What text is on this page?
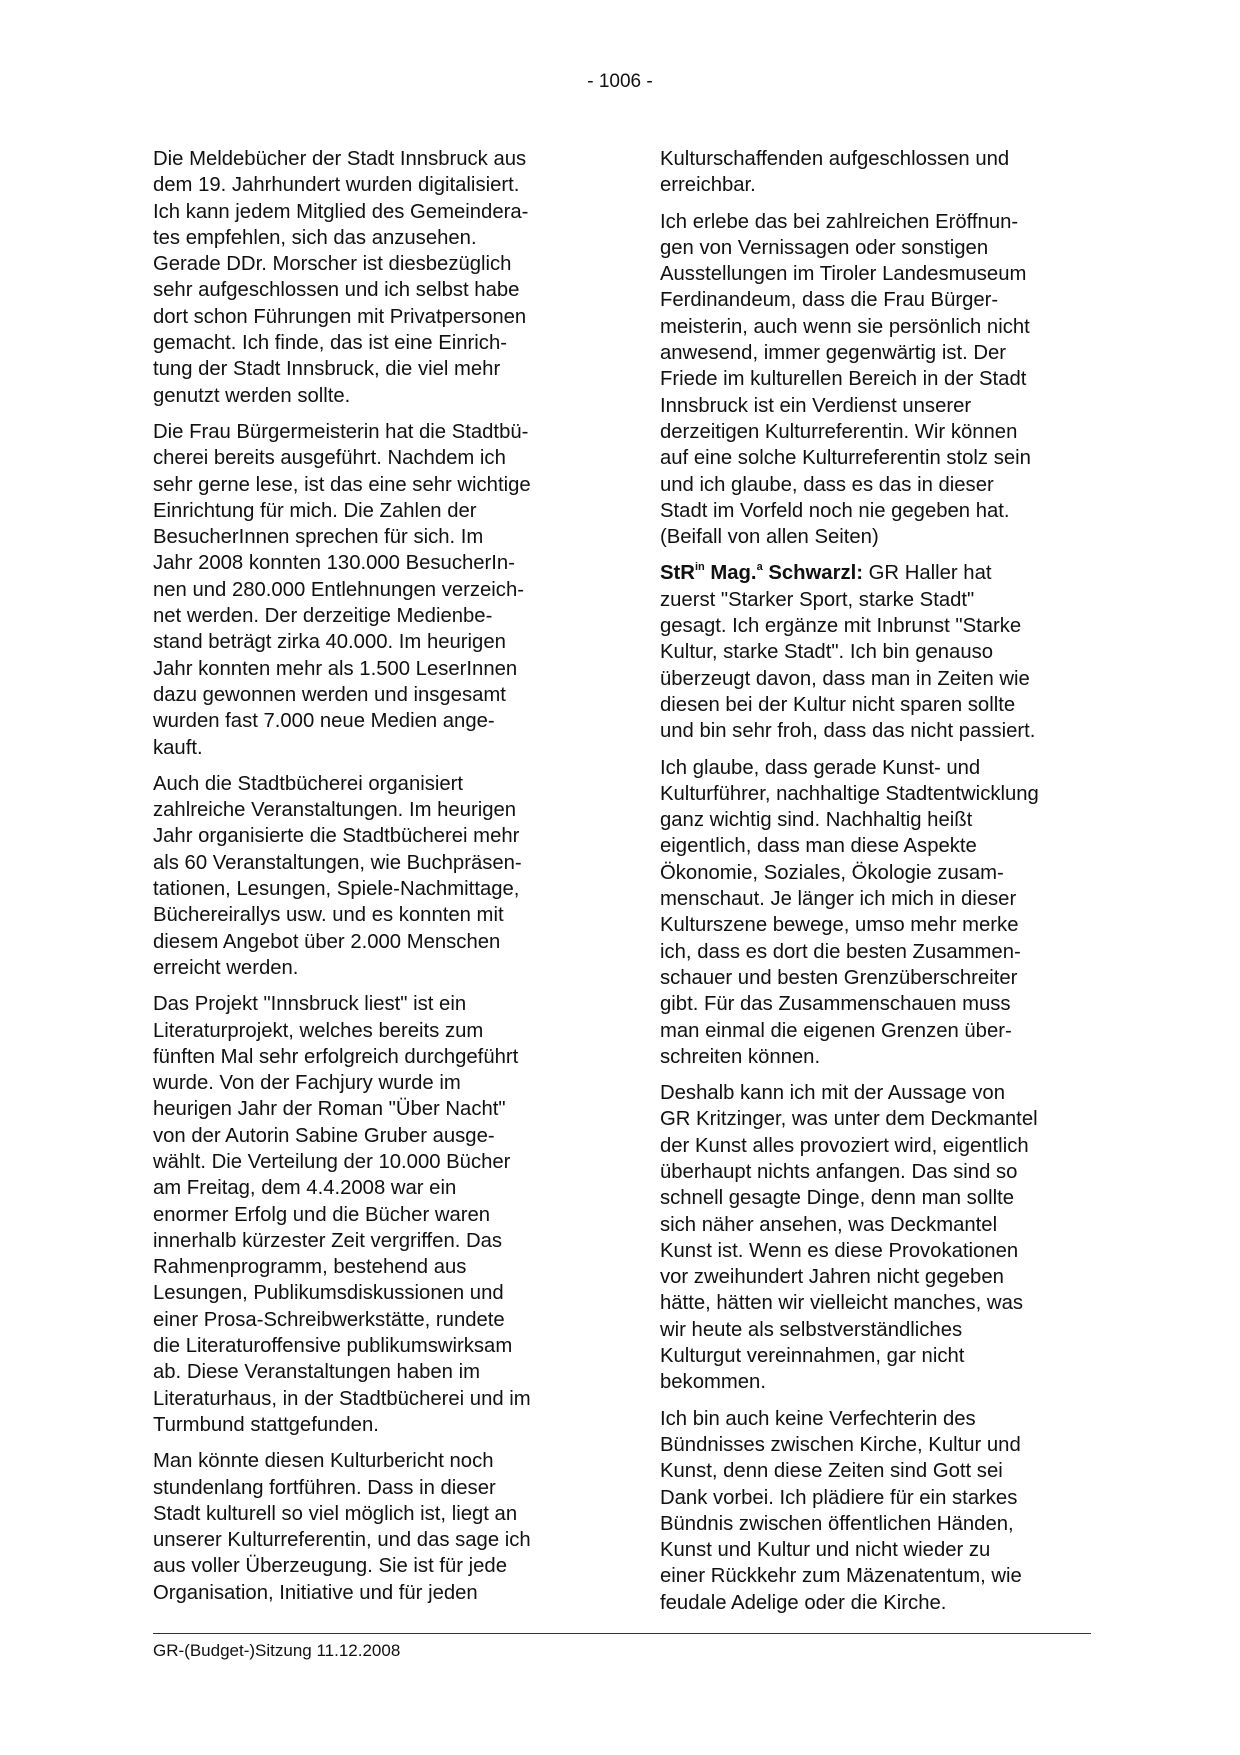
- 1006 -

Die Meldebücher der Stadt Innsbruck aus
dem 19. Jahrhundert wurden digitalisiert.
Ich kann jedem Mitglied des Gemeindera-
tes empfehlen, sich das anzusehen.
Gerade DDr. Morscher ist diesbezüglich
sehr aufgeschlossen und ich selbst habe
dort schon Führungen mit Privatpersonen
gemacht. Ich finde, das ist eine Einrich-
tung der Stadt Innsbruck, die viel mehr
genutzt werden sollte.

Die Frau Bürgermeisterin hat die Stadtbü-
cherei bereits ausgeführt. Nachdem ich
sehr gerne lese, ist das eine sehr wichtige
Einrichtung für mich. Die Zahlen der
BesucherInnen sprechen für sich. Im
Jahr 2008 konnten 130.000 BesucherIn-
nen und 280.000 Entlehnungen verzeich-
net werden. Der derzeitige Medienbe-
stand beträgt zirka 40.000. Im heurigen
Jahr konnten mehr als 1.500 LeserInnen
dazu gewonnen werden und insgesamt
wurden fast 7.000 neue Medien ange-
kauft.

Auch die Stadtbücherei organisiert
zahlreiche Veranstaltungen. Im heurigen
Jahr organisierte die Stadtbücherei mehr
als 60 Veranstaltungen, wie Buchpräsen-
tationen, Lesungen, Spiele-Nachmittage,
Büchereirallys usw. und es konnten mit
diesem Angebot über 2.000 Menschen
erreicht werden.

Das Projekt "Innsbruck liest" ist ein
Literaturprojekt, welches bereits zum
fünften Mal sehr erfolgreich durchgeführt
wurde. Von der Fachjury wurde im
heurigen Jahr der Roman "Über Nacht"
von der Autorin Sabine Gruber ausge-
wählt. Die Verteilung der 10.000 Bücher
am Freitag, dem 4.4.2008 war ein
enormer Erfolg und die Bücher waren
innerhalb kürzester Zeit vergriffen. Das
Rahmenprogramm, bestehend aus
Lesungen, Publikumsdiskussionen und
einer Prosa-Schreibwerkstätte, rundete
die Literaturoffensive publikumswirksam
ab. Diese Veranstaltungen haben im
Literaturhaus, in der Stadtbücherei und im
Turmbund stattgefunden.

Man könnte diesen Kulturbericht noch
stundenlang fortführen. Dass in dieser
Stadt kulturell so viel möglich ist, liegt an
unserer Kulturreferentin, und das sage ich
aus voller Überzeugung. Sie ist für jede
Organisation, Initiative und für jeden

Kulturschaffenden aufgeschlossen und
erreichbar.

Ich erlebe das bei zahlreichen Eröffnun-
gen von Vernissagen oder sonstigen
Ausstellungen im Tiroler Landesmuseum
Ferdinandeum, dass die Frau Bürger-
meisterin, auch wenn sie persönlich nicht
anwesend, immer gegenwärtig ist. Der
Friede im kulturellen Bereich in der Stadt
Innsbruck ist ein Verdienst unserer
derzeitigen Kulturreferentin. Wir können
auf eine solche Kulturreferentin stolz sein
und ich glaube, dass es das in dieser
Stadt im Vorfeld noch nie gegeben hat.
(Beifall von allen Seiten)

StR$^{in}$ Mag.$^a$ Schwarzl: GR Haller hat
zuerst "Starker Sport, starke Stadt"
gesagt. Ich ergänze mit Inbrunst "Starke
Kultur, starke Stadt". Ich bin genauso
überzeugt davon, dass man in Zeiten wie
diesen bei der Kultur nicht sparen sollte
und bin sehr froh, dass das nicht passiert.

Ich glaube, dass gerade Kunst- und
Kulturführer, nachhaltige Stadtentwicklung
ganz wichtig sind. Nachhaltig heißt
eigentlich, dass man diese Aspekte
Ökonomie, Soziales, Ökologie zusam-
menschaut. Je länger ich mich in dieser
Kulturszene bewege, umso mehr merke
ich, dass es dort die besten Zusammen-
schauer und besten Grenzüberschreiter
gibt. Für das Zusammenschauen muss
man einmal die eigenen Grenzen über-
schreiten können.

Deshalb kann ich mit der Aussage von
GR Kritzinger, was unter dem Deckmantel
der Kunst alles provoziert wird, eigentlich
überhaupt nichts anfangen. Das sind so
schnell gesagte Dinge, denn man sollte
sich näher ansehen, was Deckmantel
Kunst ist. Wenn es diese Provokationen
vor zweihundert Jahren nicht gegeben
hätte, hätten wir vielleicht manches, was
wir heute als selbstverständliches
Kulturgut vereinnahmen, gar nicht
bekommen.

Ich bin auch keine Verfechterin des
Bündnisses zwischen Kirche, Kultur und
Kunst, denn diese Zeiten sind Gott sei
Dank vorbei. Ich plädiere für ein starkes
Bündnis zwischen öffentlichen Händen,
Kunst und Kultur und nicht wieder zu
einer Rückkehr zum Mäzenatentum, wie
feudale Adelige oder die Kirche.

GR-(Budget-)Sitzung 11.12.2008
